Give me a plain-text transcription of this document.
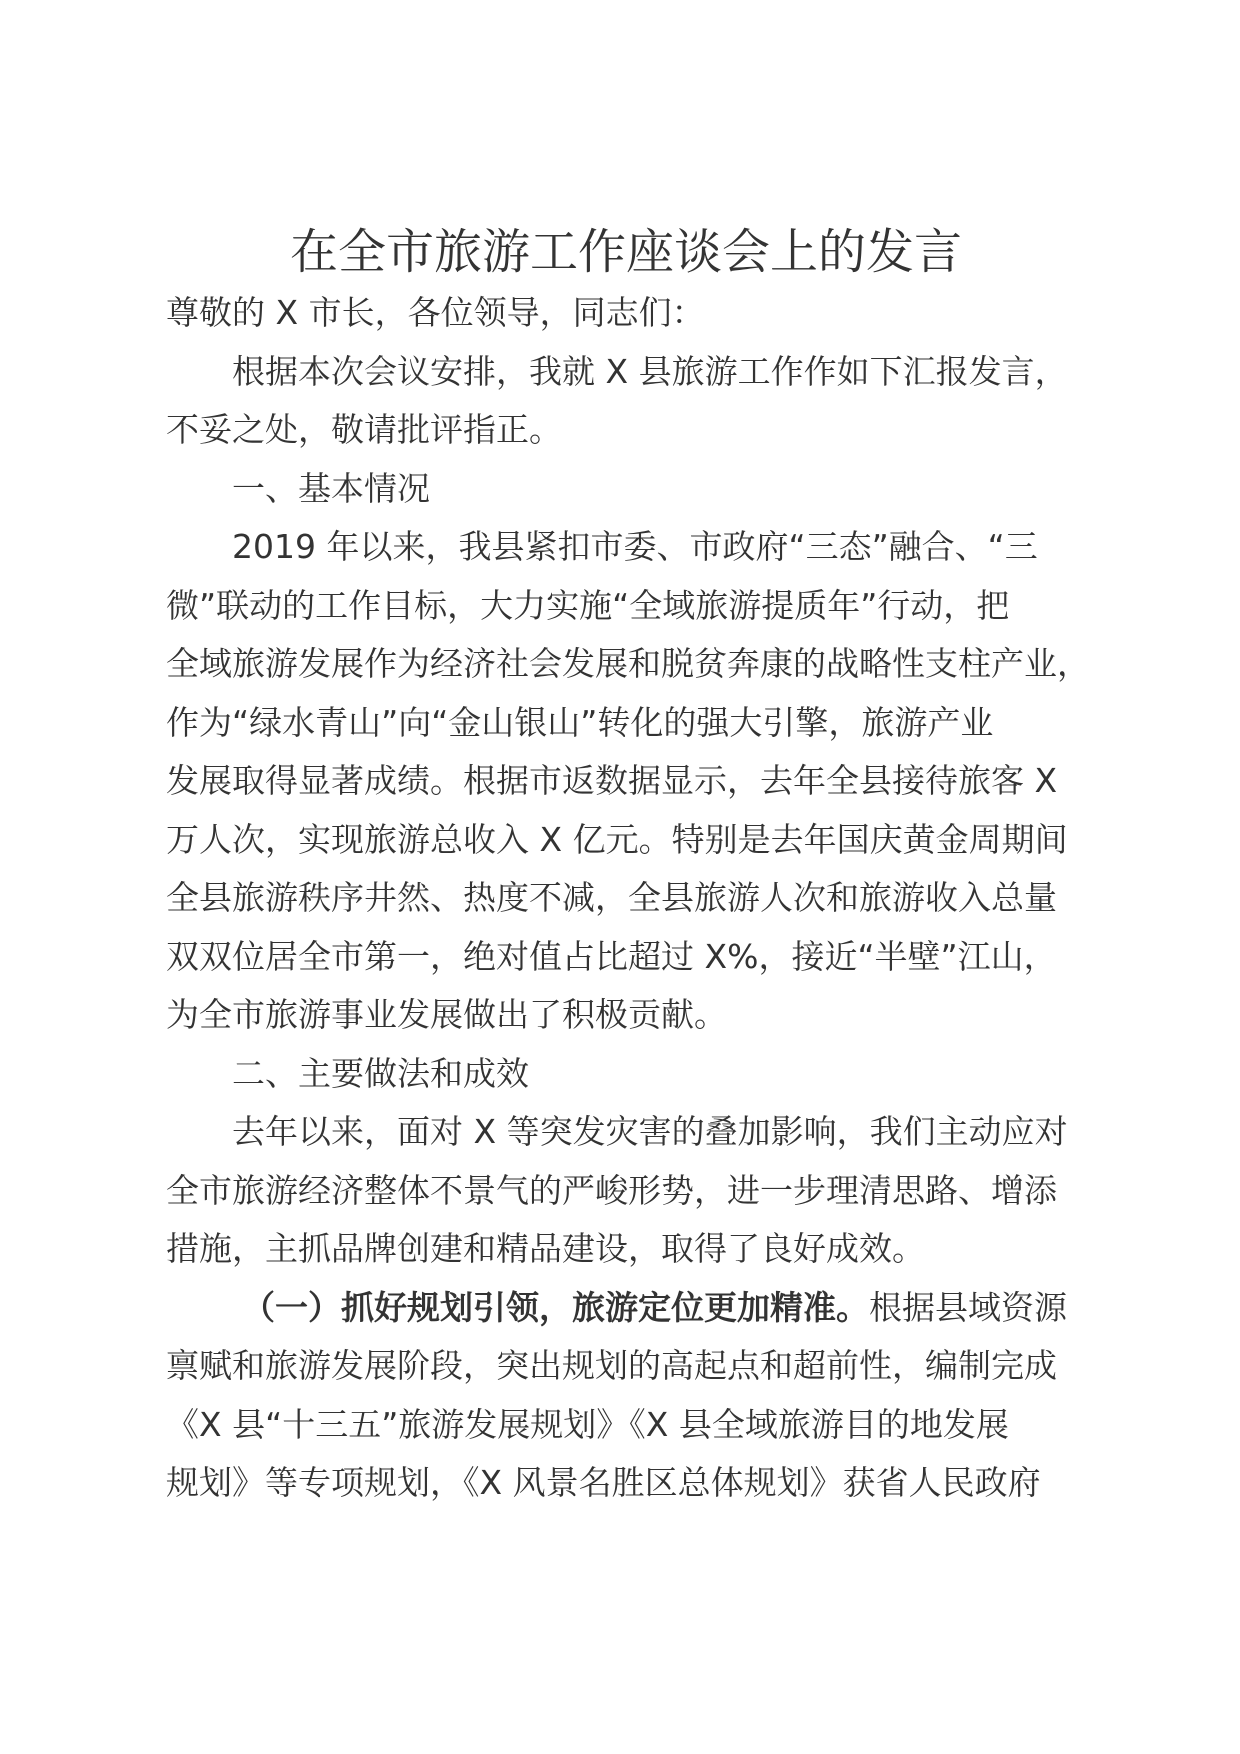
在全市旅游工作座谈会上的发言

尊敬的 X 市长，各位领导，同志们：

根据本次会议安排，我就 X 县旅游工作作如下汇报发言，

不妥之处，敬请批评指正。

一、基本情况

2019 年以来，我县紧扣市委、市政府“三态”融合、“三

微”联动的工作目标，大力实施“全域旅游提质年”行动，把

全域旅游发展作为经济社会发展和脱贫奔康的战略性支柱产业，

作为“绿水青山”向“金山银山”转化的强大引擎，旅游产业

发展取得显著成绩。根据市返数据显示，去年全县接待旅客 X

万人次，实现旅游总收入 X 亿元。特别是去年国庆黄金周期间

全县旅游秩序井然、热度不减，全县旅游人次和旅游收入总量

双双位居全市第一，绝对值占比超过 X%，接近“半壁”江山，

为全市旅游事业发展做出了积极贡献。

二、主要做法和成效

去年以来，面对 X 等突发灾害的叠加影响，我们主动应对

全市旅游经济整体不景气的严峻形势，进一步理清思路、增添

措施，主抓品牌创建和精品建设，取得了良好成效。

（一）抓好规划引领，旅游定位更加精准。根据县域资源

禀赋和旅游发展阶段，突出规划的高起点和超前性，编制完成

《X 县“十三五”旅游发展规划》《X 县全域旅游目的地发展

规划》等专项规划，《X 风景名胜区总体规划》获省人民政府
